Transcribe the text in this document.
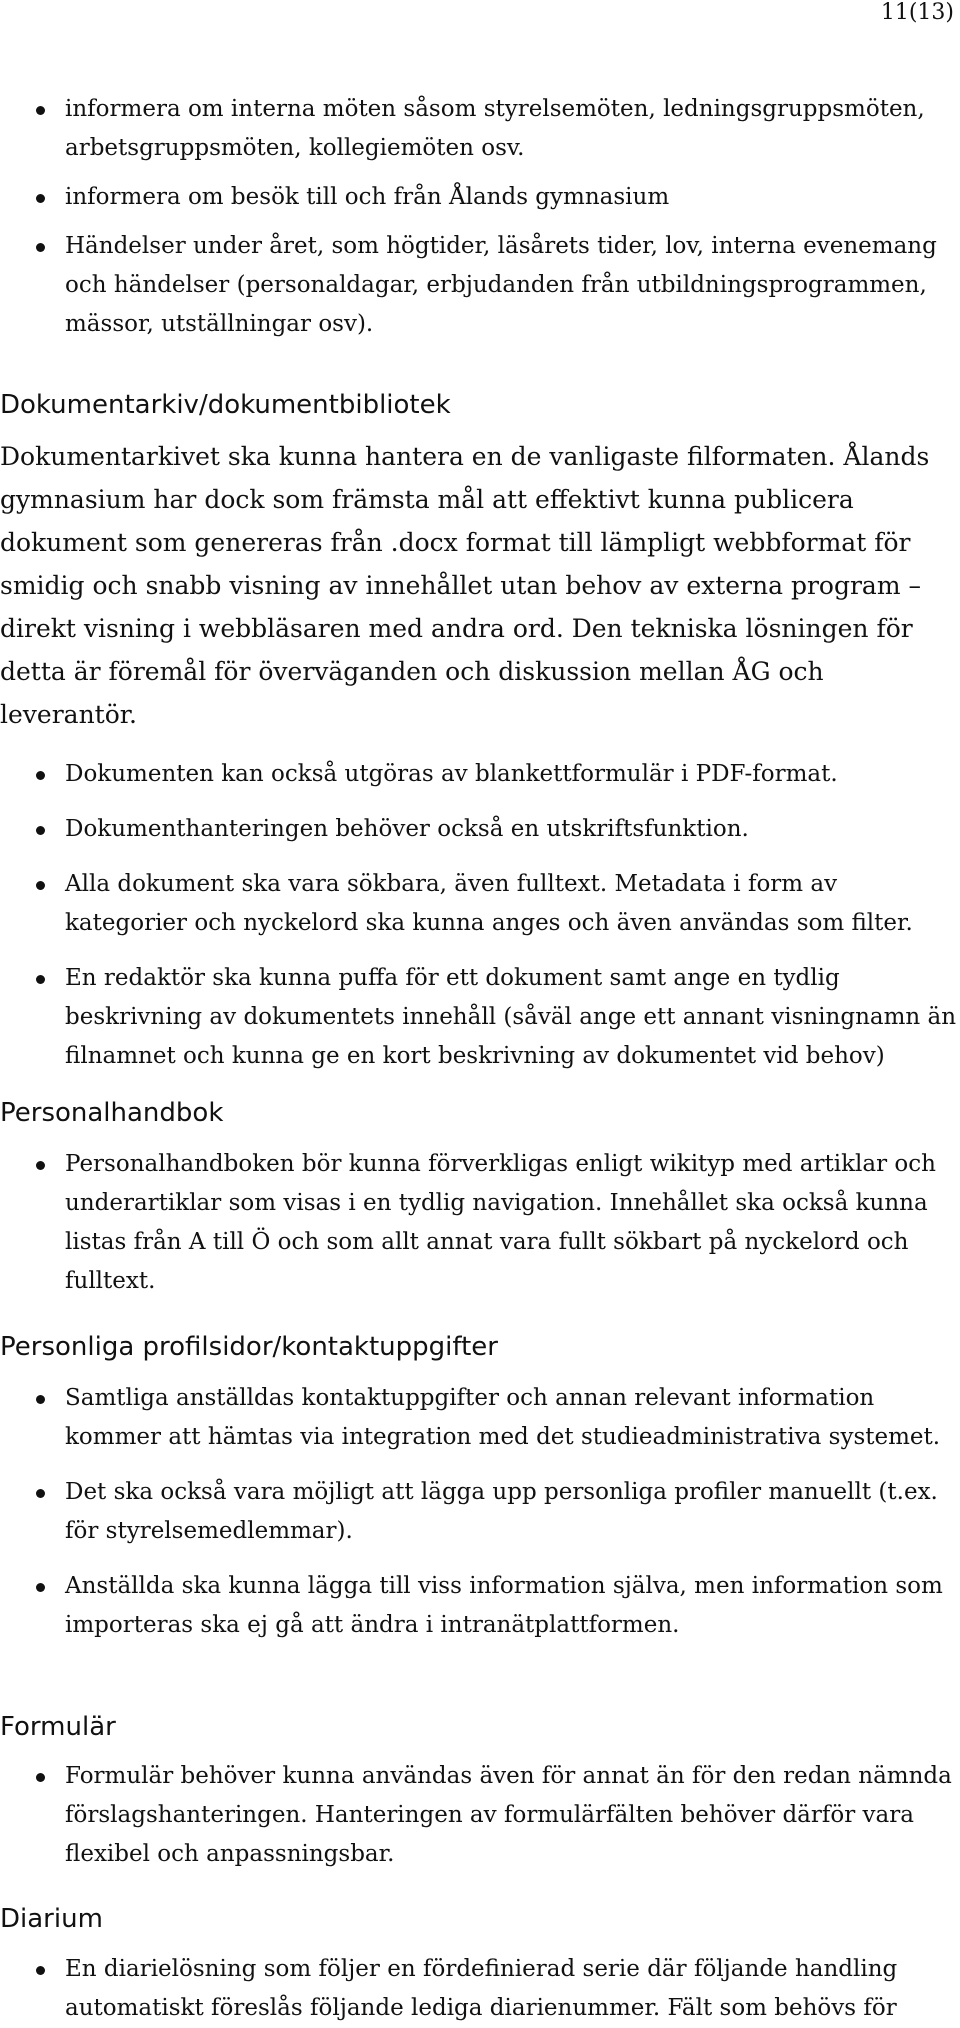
11(13)
informera om interna möten såsom styrelsemöten, ledningsgruppsmöten, arbetsgruppsmöten, kollegiemöten osv.
informera om besök till och från Ålands gymnasium
Händelser under året, som högtider, läsårets tider, lov, interna evenemang och händelser (personaldagar, erbjudanden från utbildningsprogrammen, mässor, utställningar osv).
Dokumentarkiv/dokumentbibliotek

Dokumentarkivet ska kunna hantera en de vanligaste filformaten. Ålands gymnasium har dock som främsta mål att effektivt kunna publicera dokument som genereras från .docx format till lämpligt webbformat för smidig och snabb visning av innehållet utan behov av externa program – direkt visning i webbläsaren med andra ord. Den tekniska lösningen för detta är föremål för överväganden och diskussion mellan ÅG och leverantör.

Dokumenten kan också utgöras av blankettformulär i PDF-format.
Dokumenthanteringen behöver också en utskriftsfunktion.
Alla dokument ska vara sökbara, även fulltext. Metadata i form av kategorier och nyckelord ska kunna anges och även användas som filter.
En redaktör ska kunna puffa för ett dokument samt ange en tydlig beskrivning av dokumentets innehåll (såväl ange ett annant visningnamn än filnamnet och kunna ge en kort beskrivning av dokumentet vid behov)
Personalhandbok
Personalhandboken bör kunna förverkligas enligt wikityp med artiklar och underartiklar som visas i en tydlig navigation. Innehållet ska också kunna listas från A till Ö och som allt annat vara fullt sökbart på nyckelord och fulltext.
Personliga profilsidor/kontaktuppgifter
Samtliga anställdas kontaktuppgifter och annan relevant information kommer att hämtas via integration med det studieadministrativa systemet.
Det ska också vara möjligt att lägga upp personliga profiler manuellt (t.ex. för styrelsemedlemmar).
Anställda ska kunna lägga till viss information själva, men information som importeras ska ej gå att ändra i intranätplattformen.
Formulär
Formulär behöver kunna användas även för annat än för den redan nämnda förslagshanteringen. Hanteringen av formulärfälten behöver därför vara flexibel och anpassningsbar.
Diarium
En diarielösning som följer en fördefinierad serie där följande handling automatiskt föreslås följande lediga diarienummer. Fält som behövs för
